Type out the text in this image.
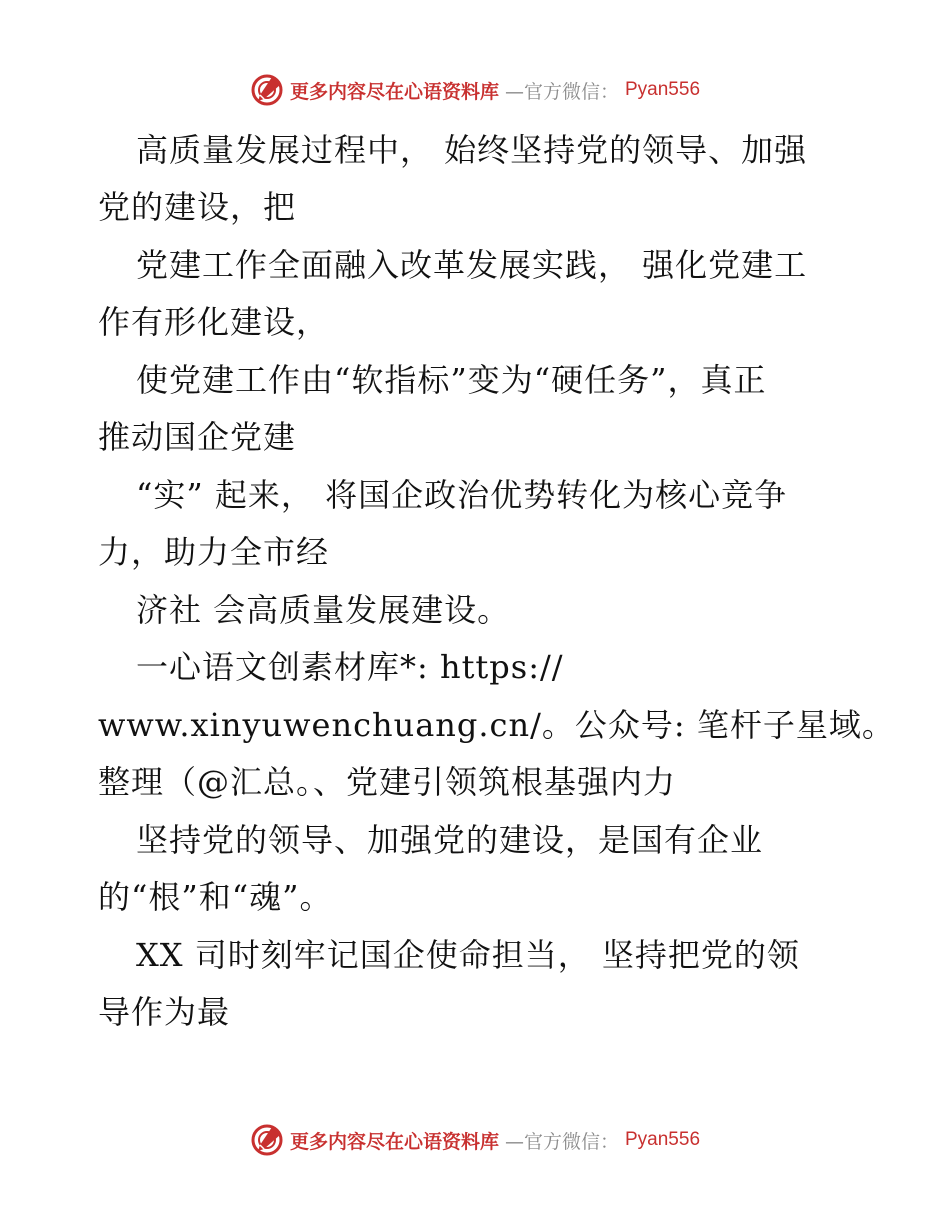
更多内容尽在心语资料库 —官方微信： Pyan556
高质量发展过程中， 始终坚持党的领导、加强
党的建设，把
党建工作全面融入改革发展实践， 强化党建工
作有形化建设，
使党建工作由“软指标”变为“硬任务”，真正
推动国企党建
“实” 起来， 将国企政治优势转化为核心竞争
力，助力全市经
济社 会高质量发展建设。
一心语文创素材库*: https://
www.xinyuwenchuang.cn/。公众号: 笔杆子星域。
整理（@汇总。、党建引领筑根基强内力
坚持党的领导、加强党的建设，是国有企业
的“根”和“魂”。
XX 司时刻牢记国企使命担当， 坚持把党的领
导作为最
更多内容尽在心语资料库 —官方微信： Pyan556
